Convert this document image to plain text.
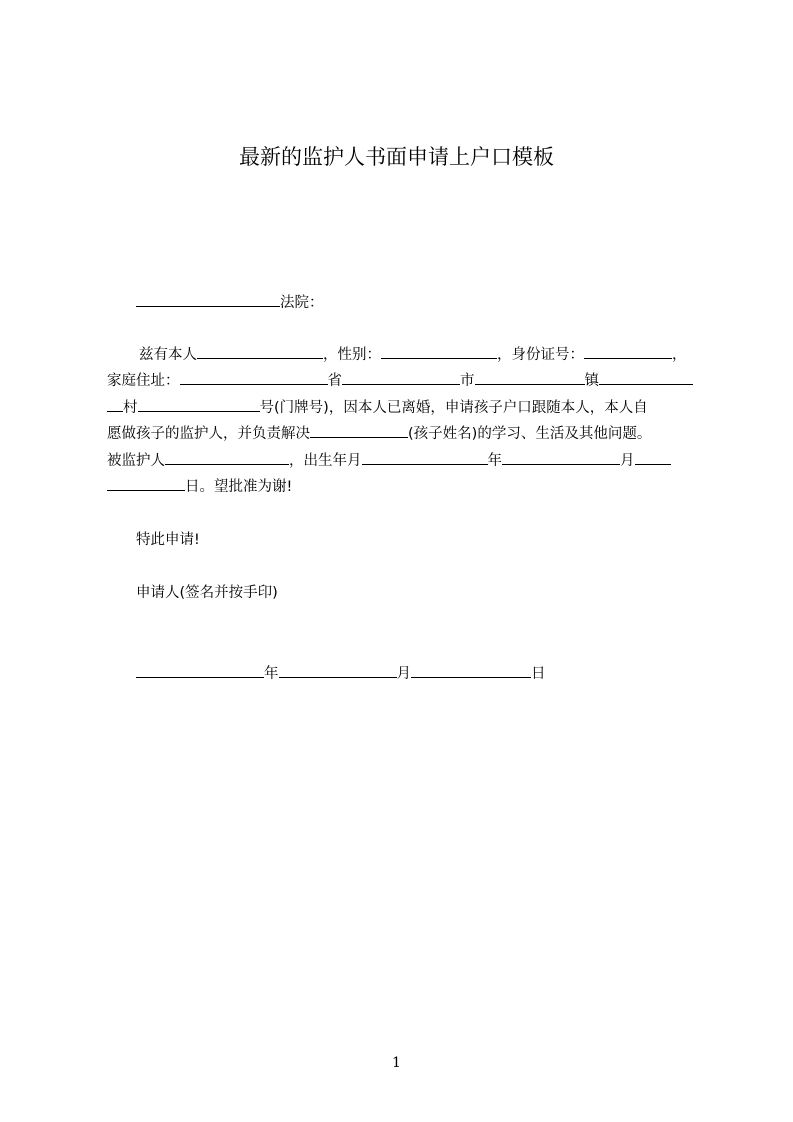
最新的监护人书面申请上户口模板
法院：
兹有本人	，性别：	，身份证号：	，
家庭住址：	省	市	镇
村	号(门牌号)，因本人已离婚，申请孩子户口跟随本人，本人自
愿做孩子的监护人，并负责解决	(孩子姓名)的学习、生活及其他问题。
被监护人	，出生年月	年	月
日。望批准为谢!
特此申请!
申请人(签名并按手印)
年	月	日
1
